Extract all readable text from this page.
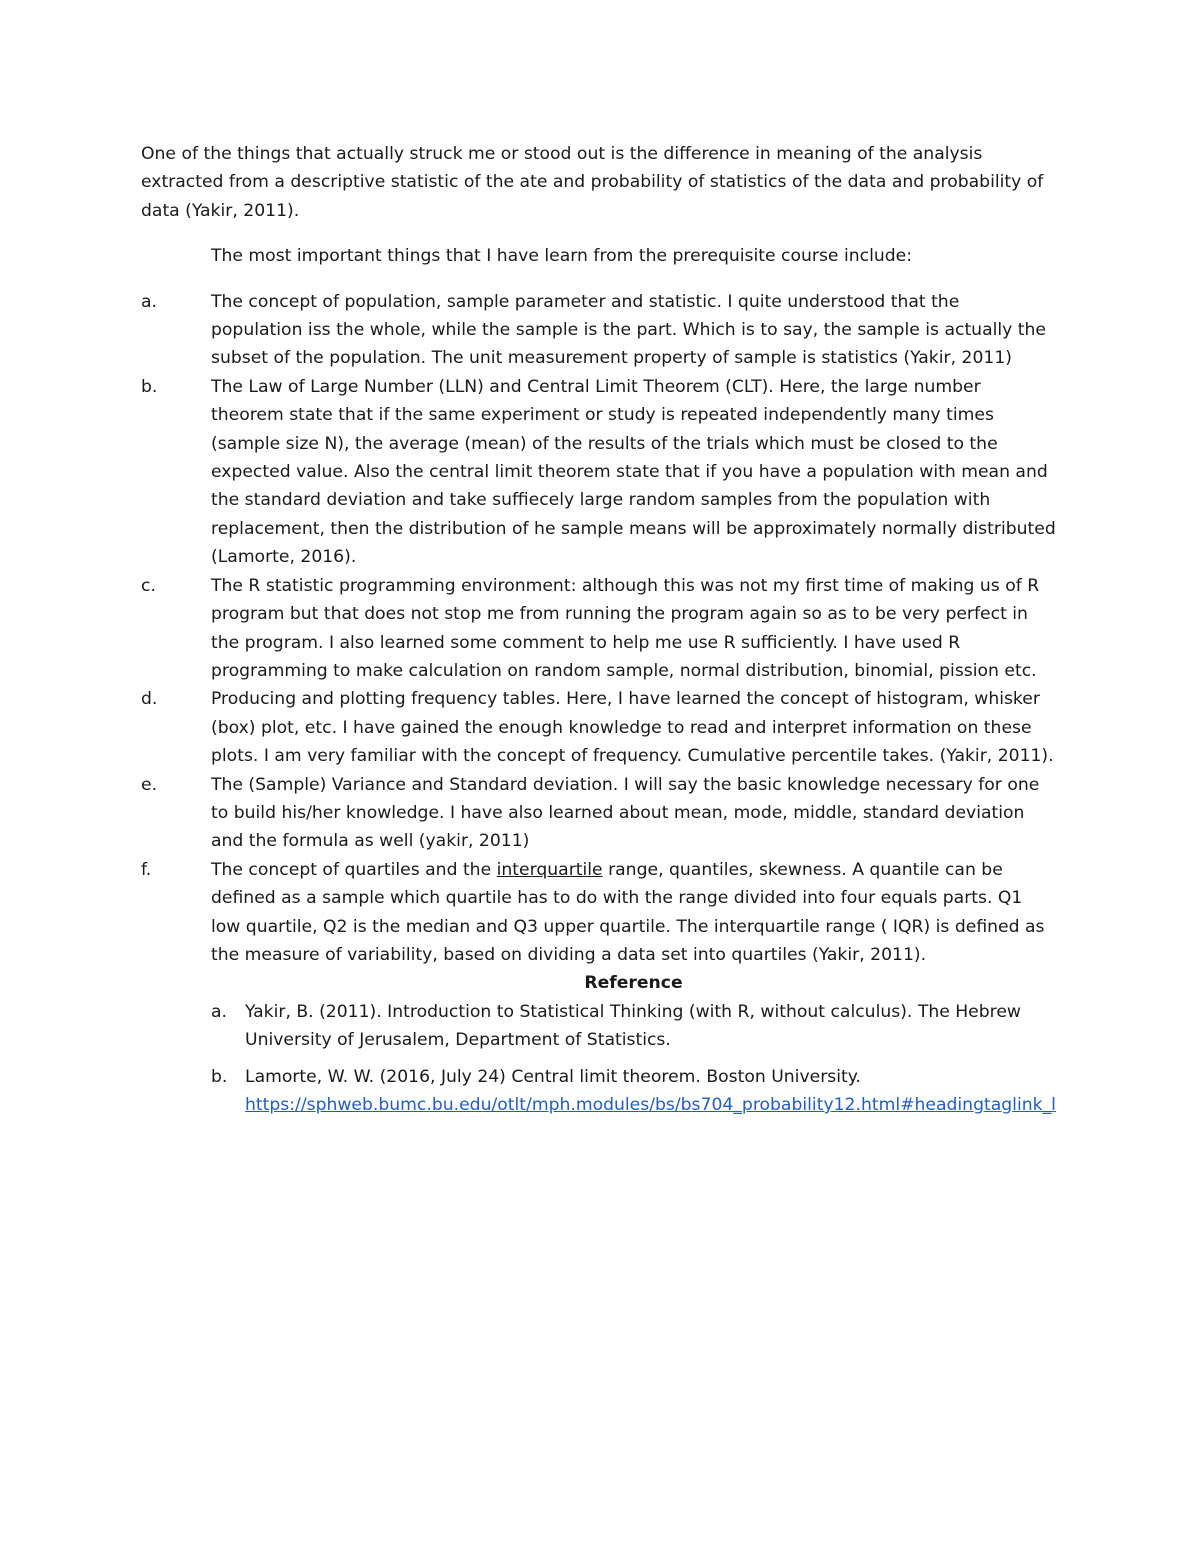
One of the things that actually struck me or stood out is the difference in meaning of the analysis extracted from a descriptive statistic of the ate and probability of statistics of the data and probability of data (Yakir, 2011).

The most important things that I have learn from the prerequisite course include:

a.	The concept of population, sample parameter and statistic. I quite understood that the population iss the whole, while the sample is the part. Which is to say, the sample is actually the subset of the population. The unit measurement property of sample is statistics (Yakir, 2011)
b.	The Law of Large Number (LLN) and Central Limit Theorem (CLT). Here, the large number theorem state that if the same experiment or study is repeated independently many times (sample size N), the average (mean) of the results of the trials which must be closed to the expected value. Also the central limit theorem state that if you have a population with mean and the standard deviation and take suffiecely large random samples from the population with replacement, then the distribution of he sample means will be approximately normally distributed (Lamorte, 2016).
c.	The R statistic programming environment: although this was not my first time of making us of R program but that does not stop me from running the program again so as to be very perfect in the program. I also learned some comment to help me use R sufficiently. I have used R programming to make calculation on random sample, normal distribution, binomial, pission etc.
d.	Producing and plotting frequency tables. Here, I have learned the concept of histogram, whisker (box) plot, etc. I have gained the enough knowledge to read and interpret information on these plots. I am very familiar with the concept of frequency. Cumulative percentile takes. (Yakir, 2011).
e.	The (Sample) Variance and Standard deviation. I will say the basic knowledge necessary for one to build his/her knowledge. I have also learned about mean, mode, middle, standard deviation and the formula as well (yakir, 2011)
f.	The concept of quartiles and the interquartile range, quantiles, skewness. A quantile can be defined as a sample which quartile has to do with the range divided into four equals parts. Q1 low quartile, Q2 is the median and Q3 upper quartile. The interquartile range ( IQR) is defined as the measure of variability, based on dividing a data set into quartiles (Yakir, 2011).

Reference

a. Yakir, B. (2011). Introduction to Statistical Thinking (with R, without calculus). The Hebrew University of Jerusalem, Department of Statistics.
b. Lamorte, W. W. (2016, July 24) Central limit theorem. Boston University.
https://sphweb.bumc.bu.edu/otlt/mph.modules/bs/bs704_probability12.html#headingtaglink_l
